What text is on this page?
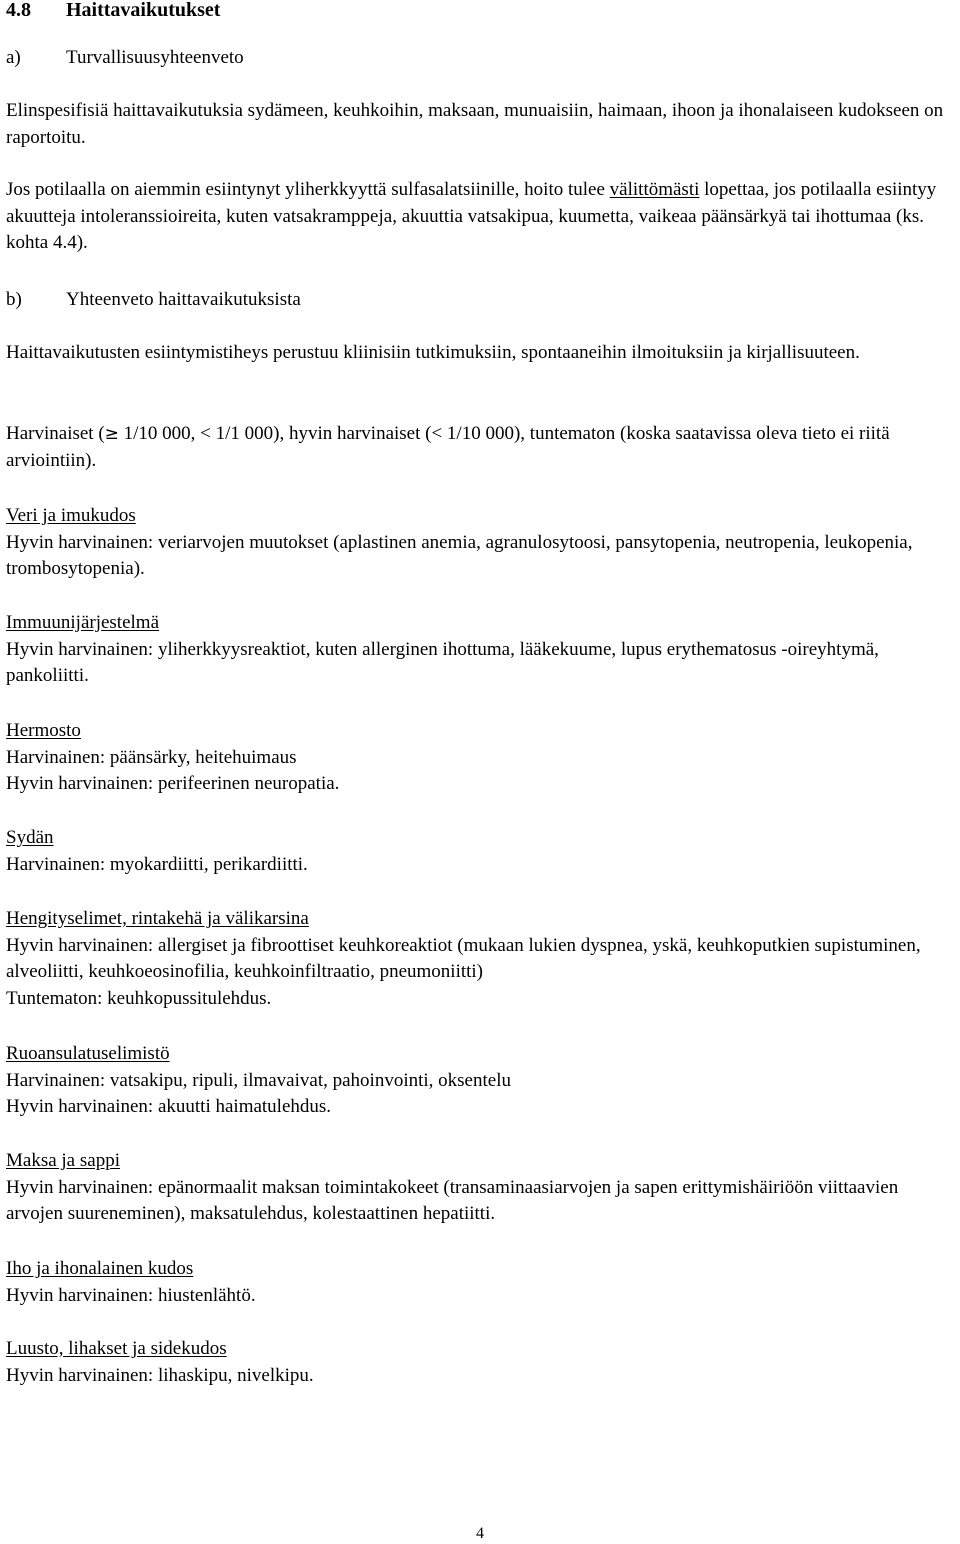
4.8 Haittavaikutukset
a) Turvallisuusyhteenveto
Elinspesifisiä haittavaikutuksia sydämeen, keuhkoihin, maksaan, munuaisiin, haimaan, ihoon ja ihonalaiseen kudokseen on raportoitu.
Jos potilaalla on aiemmin esiintynyt yliherkkyyttä sulfasalatsiinille, hoito tulee välittömästi lopettaa, jos potilaalla esiintyy akuutteja intoleranssioireita, kuten vatsakramppeja, akuuttia vatsakipua, kuumetta, vaikeaa päänsärkyä tai ihottumaa (ks. kohta 4.4).
b) Yhteenveto haittavaikutuksista
Haittavaikutusten esiintymistiheys perustuu kliinisiin tutkimuksiin, spontaaneihin ilmoituksiin ja kirjallisuuteen.
Harvinaiset (≥ 1/10 000, < 1/1 000), hyvin harvinaiset (< 1/10 000), tuntematon (koska saatavissa oleva tieto ei riitä arviointiin).
Veri ja imukudos
Hyvin harvinainen: veriarvojen muutokset (aplastinen anemia, agranulosytoosi, pansytopenia, neutropenia, leukopenia, trombosytopenia).
Immuunijärjestelmä
Hyvin harvinainen: yliherkkyysreaktiot, kuten allerginen ihottuma, lääkekuume, lupus erythematosus -oireyhtymä, pankoliitti.
Hermosto
Harvinainen: päänsärky, heitehuimaus
Hyvin harvinainen: perifeerinen neuropatia.
Sydän
Harvinainen: myokardiitti, perikardiitti.
Hengityselimet, rintakehä ja välikarsina
Hyvin harvinainen: allergiset ja fibroottiset keuhkoreaktiot (mukaan lukien dyspnea, yskä, keuhkoputkien supistuminen, alveoliitti, keuhkoeosinofilia, keuhkoinfiltraatio, pneumoniitti)
Tuntematon: keuhkopussitulehdus.
Ruoansulatuselimistö
Harvinainen: vatsakipu, ripuli, ilmavaivat, pahoinvointi, oksentelu
Hyvin harvinainen: akuutti haimatulehdus.
Maksa ja sappi
Hyvin harvinainen: epänormaalit maksan toimintakokeet (transaminaasiarvojen ja sapen erittymishäiriöön viittaavien arvojen suureneminen), maksatulehdus, kolestaattinen hepatiitti.
Iho ja ihonalainen kudos
Hyvin harvinainen: hiustenlähtö.
Luusto, lihakset ja sidekudos
Hyvin harvinainen: lihaskipu, nivelkipu.
4
